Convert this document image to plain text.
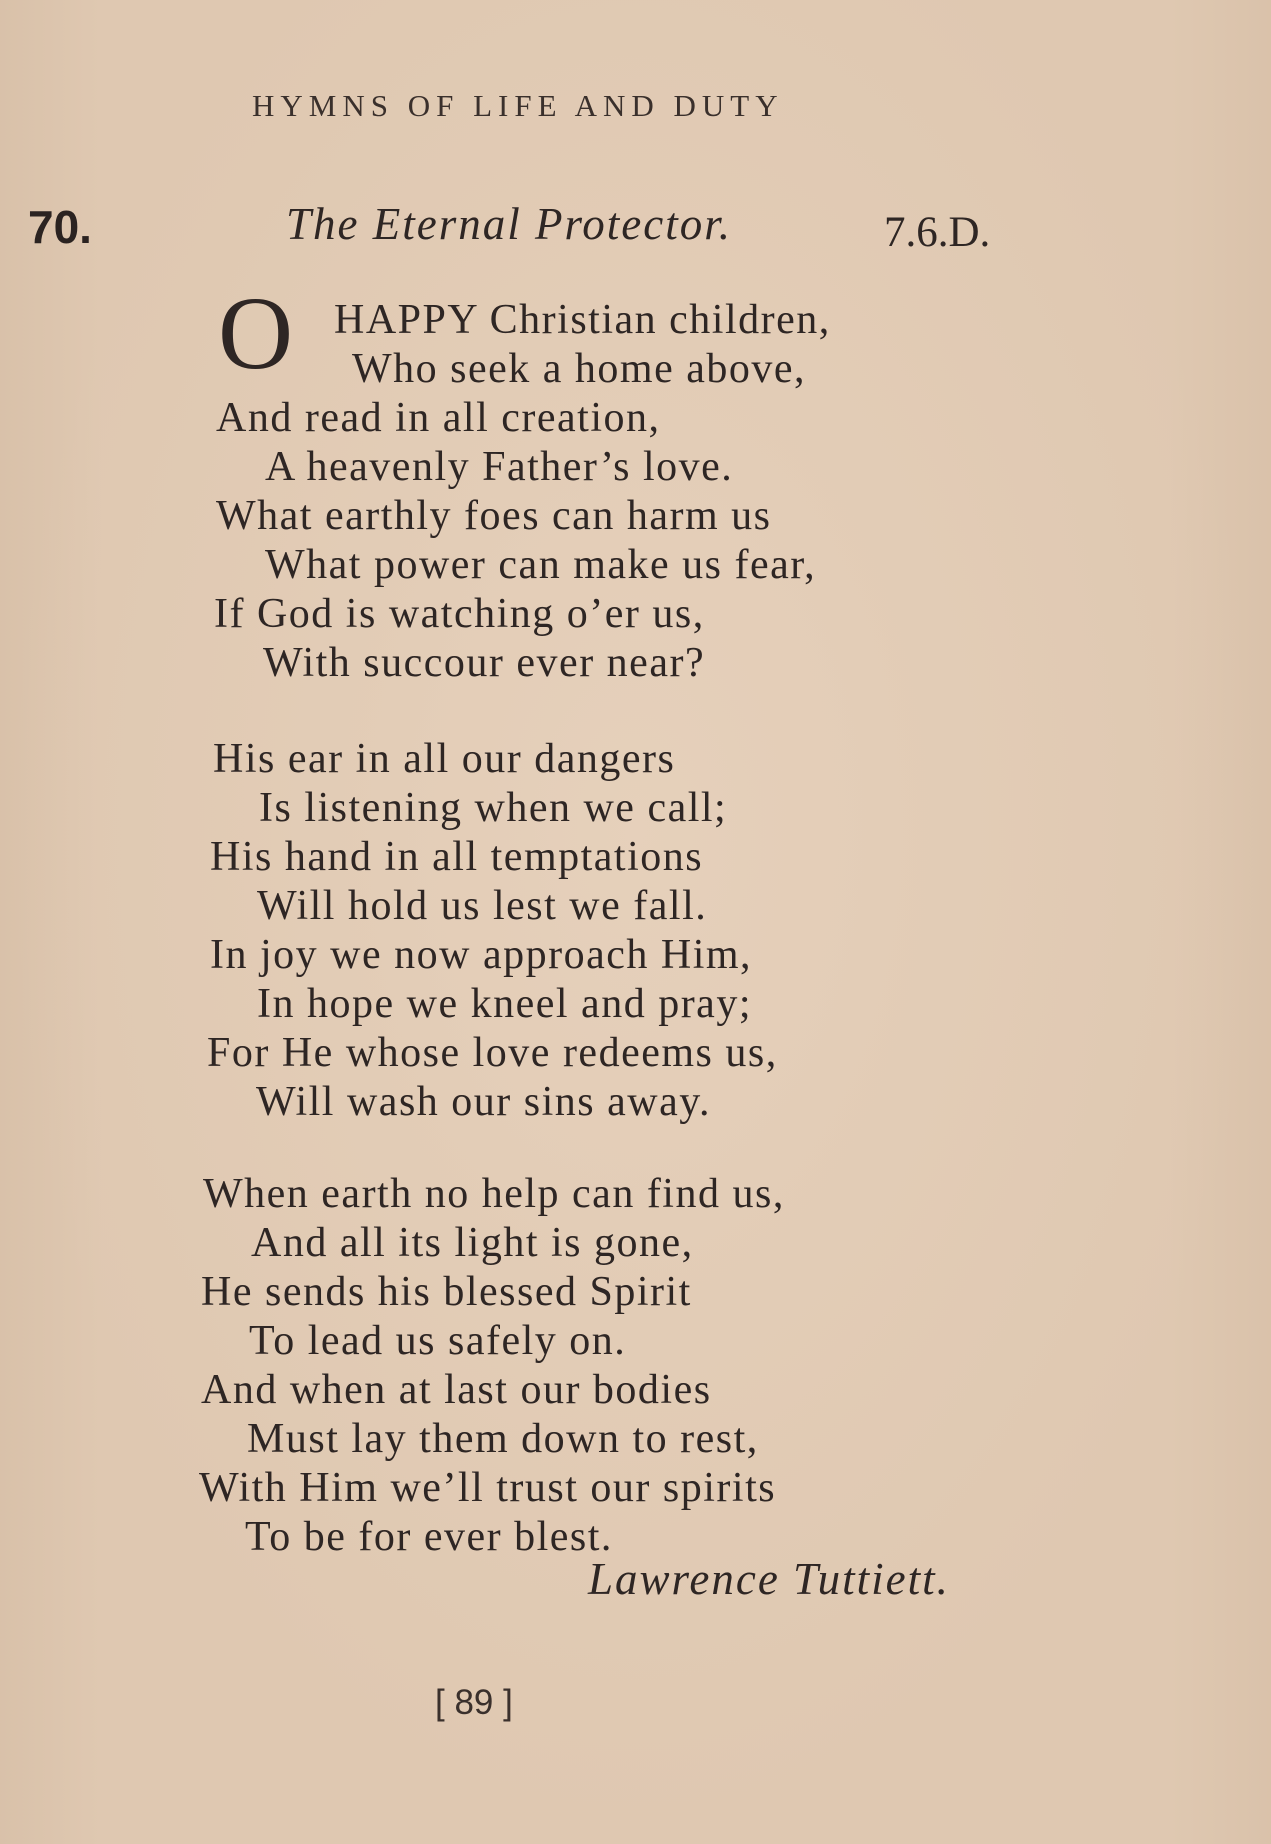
HYMNS OF LIFE AND DUTY
70.	The Eternal Protector.	7.6.D.
O HAPPY Christian children,
Who seek a home above,
And read in all creation,
A heavenly Father’s love.
What earthly foes can harm us
What power can make us fear,
If God is watching o’er us,
With succour ever near?
His ear in all our dangers
Is listening when we call;
His hand in all temptations
Will hold us lest we fall.
In joy we now approach Him,
In hope we kneel and pray;
For He whose love redeems us,
Will wash our sins away.
When earth no help can find us,
And all its light is gone,
He sends his blessed Spirit
To lead us safely on.
And when at last our bodies
Must lay them down to rest,
With Him we’ll trust our spirits
To be for ever blest.
Lawrence Tuttiett.
[ 89 ]
